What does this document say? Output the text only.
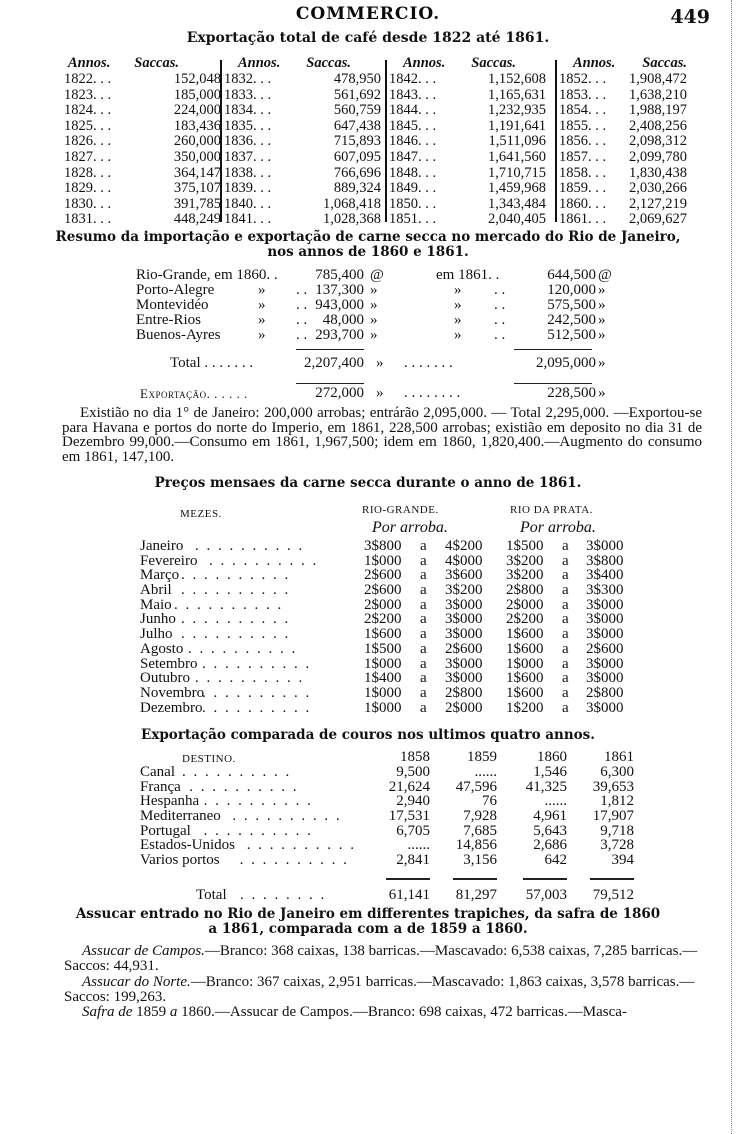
COMMERCIO.	449
Exportação total de café desde 1822 até 1861.
Annos. Saccas.
1822. . .	152,048
1823. . .	185,000
1824. . .	224,000
1825. . .	183,436
1826. . .	260,000
1827. . .	350,000
1828. . .	364,147
1829. . .	375,107
1830. . .	391,785
1831. . .	448,249
Annos. Saccas.
1832. . .	478,950
1833. . .	561,692
1834. . .	560,759
1835. . .	647,438
1836. . .	715,893
1837. . .	607,095
1838. . .	766,696
1839. . .	889,324
1840. . .	1,068,418
1841. . .	1,028,368
Annos. Saccas.
1842. . .	1,152,608
1843. . .	1,165,631
1844. . .	1,232,935
1845. . .	1,191,641
1846. . .	1,511,096
1847. . .	1,641,560
1848. . .	1,710,715
1849. . .	1,459,968
1850. . .	1,343,484
1851. . .	2,040,405
Annos. Saccas.
1852. . . 1,908,472
1853. . . 1,638,210
1854. . . 1,988,197
1855. . . 2,408,256
1856. . . 2,098,312
1857. . . 2,099,780
1858. . . 1,830,438
1859. . . 2,030,266
1860. . . 2,127,219
1861. . . 2,069,627
Resumo da importação e exportação de carne secca no mercado do Rio de Janeiro,
nos annos de 1860 e 1861.
Rio-Grande, em 1860. .	785,400 @	em 1861. .	644,500 @
Porto-Alegre	» . . 137,300 »	» . .	120,000 »
Montevidéo	» . . 943,000 »	» . .	575,500 »
Entre-Rios	» . . 48,000 »	» . .	242,500 »
Buenos-Ayres	» . . 293,700 »	» . .	512,500 »
Total . . . . . . .	2,207,400 » . . . . . . .	2,095,000 »
Exportação. . . . . .	272,000 » . . . . . . . .	228,500 »

Existião no dia 1° de Janeiro: 200,000 arrobas; entrárão 2,095,000. — Total 2,295,000. —Exportou-se para Havana e portos do norte do Imperio, em 1861, 228,500 arrobas; existião em deposito no dia 31 de Dezembro 99,000.—Consumo em 1861, 1,967,500; idem em 1860, 1,820,400.—Augmento do consumo em 1861, 147,100.

Preços mensaes da carne secca durante o anno de 1861.
MEZES.	RIO-GRANDE.	RIO DA PRATA.
Por arroba.	Por arroba.
Janeiro . . . . . . . . . .	3$800 a 4$200 1$500 a 3$000
Fevereiro . . . . . . . . . .	1$000 a 4$000 3$200 a 3$800
Março . . . . . . . . . .	2$600 a 3$600 3$200 a 3$400
Abril . . . . . . . . . .	2$600 a 3$200 2$800 a 3$300
Maio . . . . . . . . . .	2$000 a 3$000 2$000 a 3$000
Junho . . . . . . . . . .	2$200 a 3$000 2$200 a 3$000
Julho . . . . . . . . . .	1$600 a 3$000 1$600 a 3$000
Agosto . . . . . . . . . .	1$500 a 2$600 1$600 a 2$600
Setembro . . . . . . . . . .	1$000 a 3$000 1$000 a 3$000
Outubro . . . . . . . . . .	1$400 a 3$000 1$600 a 3$000
Novembro
. . . . . . . . . .	1$000 a 2$800 1$600 a 2$800
Dezembro . . . . . . . . . .	1$000 a 2$000 1$200 a 3$000
Exportação comparada de couros nos ultimos quatro annos.
DESTINO.	1858 1859	1860 1861
Canal . . . . . . . . . .	9,500	...... 1,546 6,300
França . . . . . . . . . .	21,624 47,596 41,325 39,653
Hespanha . . . . . . . . . .	2,940	76	...... 1,812
Mediterraneo . . . . . . . . . .	17,531 7,928 4,961 17,907
Portugal . . . . . . . . . .	6,705 7,685 5,643 9,718
Estados-Unidos . . . . . . . . . .	...... 14,856 2,686 3,728
Varios portos . . . . . . . . . .	2,841 3,156	642	394
Total . . . . . . . .	61,141 81,297 57,003 79,512
Assucar entrado no Rio de Janeiro em differentes trapiches, da safra de 1860
a 1861, comparada com a de 1859 a 1860.

Assucar de Campos.—Branco: 368 caixas, 138 barricas.—Mascavado: 6,538 caixas, 7,285 barricas.—Saccos: 44,931.

Assucar do Norte.—Branco: 367 caixas, 2,951 barricas.—Mascavado: 1,863 caixas, 3,578 barricas.—Saccos: 199,263.

Safra de 1859 a 1860.—Assucar de Campos.—Branco: 698 caixas, 472 barricas.—Masca-
